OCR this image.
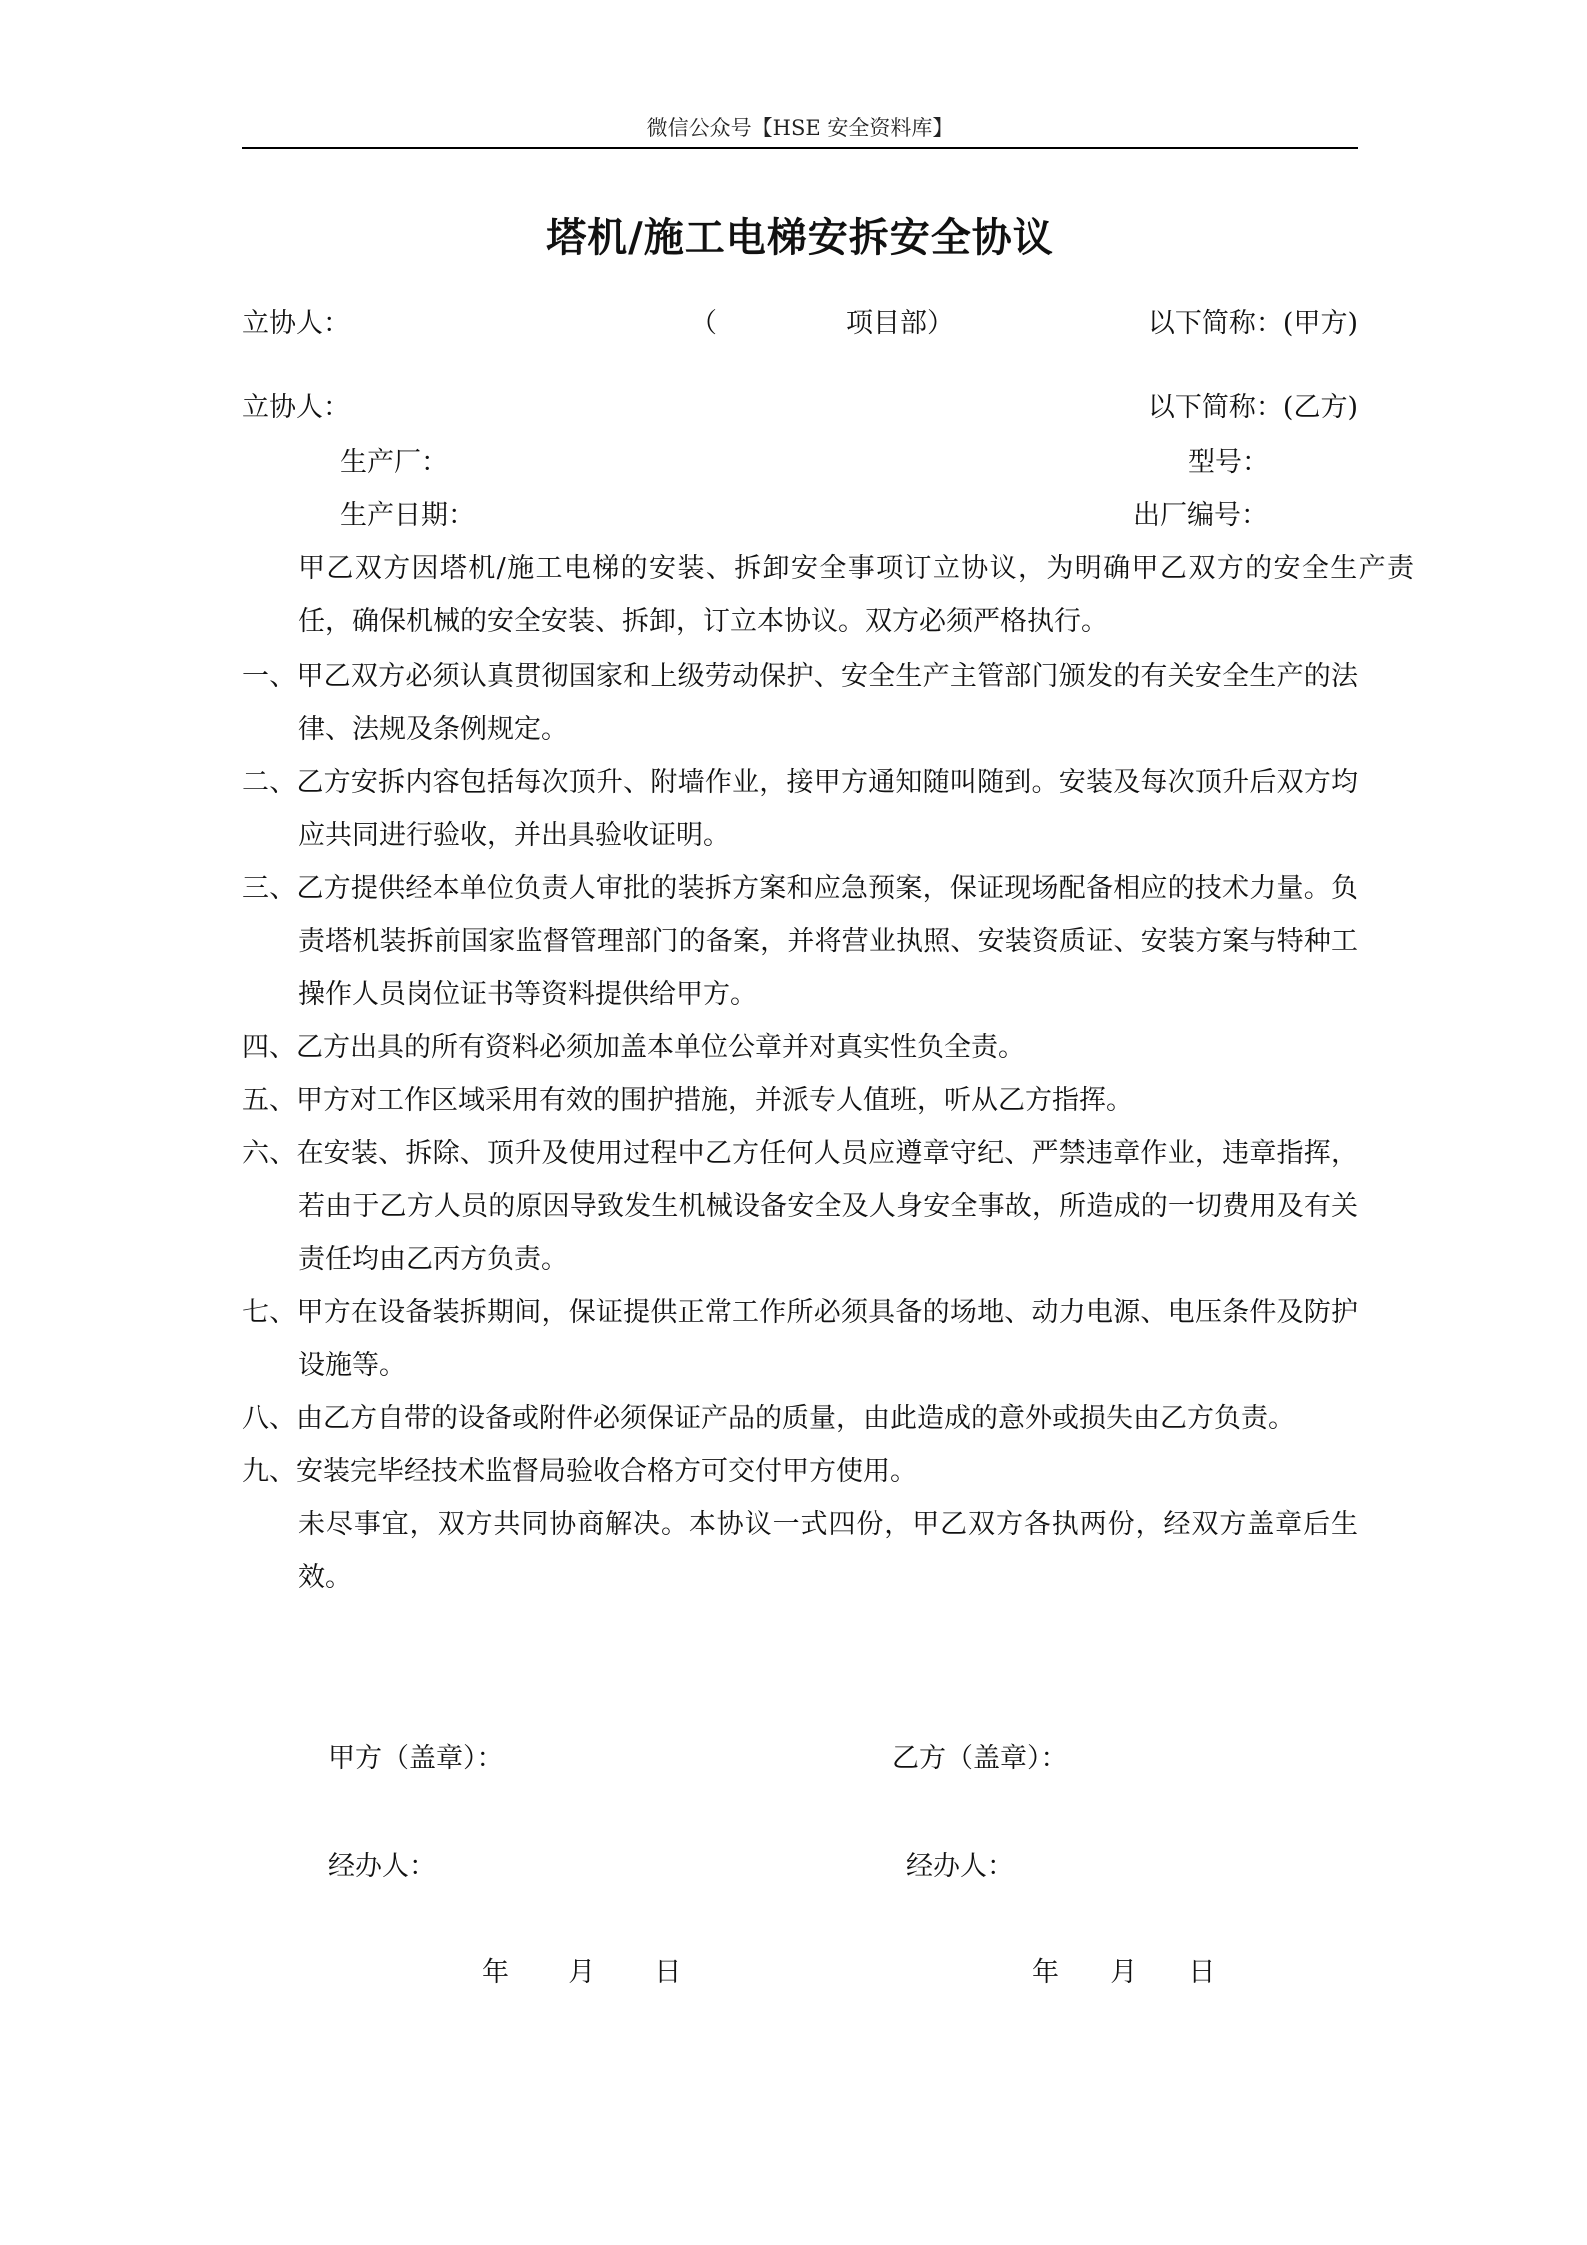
微信公众号【HSE 安全资料库】
塔机/施工电梯安拆安全协议
立协人：	（	项目部）	以下简称：(甲方)
立协人：	以下简称：(乙方)
生产厂：	型号：
生产日期：	出厂编号：
甲乙双方因塔机/施工电梯的安装、拆卸安全事项订立协议，为明确甲乙双方的安全生产责任，确保机械的安全安装、拆卸，订立本协议。双方必须严格执行。
一、甲乙双方必须认真贯彻国家和上级劳动保护、安全生产主管部门颁发的有关安全生产的法律、法规及条例规定。
二、乙方安拆内容包括每次顶升、附墙作业，接甲方通知随叫随到。安装及每次顶升后双方均应共同进行验收，并出具验收证明。
三、乙方提供经本单位负责人审批的装拆方案和应急预案，保证现场配备相应的技术力量。负责塔机装拆前国家监督管理部门的备案，并将营业执照、安装资质证、安装方案与特种工操作人员岗位证书等资料提供给甲方。
四、乙方出具的所有资料必须加盖本单位公章并对真实性负全责。
五、甲方对工作区域采用有效的围护措施，并派专人值班，听从乙方指挥。
六、在安装、拆除、顶升及使用过程中乙方任何人员应遵章守纪、严禁违章作业，违章指挥，若由于乙方人员的原因导致发生机械设备安全及人身安全事故，所造成的一切费用及有关责任均由乙丙方负责。
七、甲方在设备装拆期间，保证提供正常工作所必须具备的场地、动力电源、电压条件及防护设施等。
八、由乙方自带的设备或附件必须保证产品的质量，由此造成的意外或损失由乙方负责。
九、安装完毕经技术监督局验收合格方可交付甲方使用。
未尽事宜，双方共同协商解决。本协议一式四份，甲乙双方各执两份，经双方盖章后生效。
甲方（盖章）：	乙方（盖章）：
经办人：	经办人：
年 月 日	年 月 日
